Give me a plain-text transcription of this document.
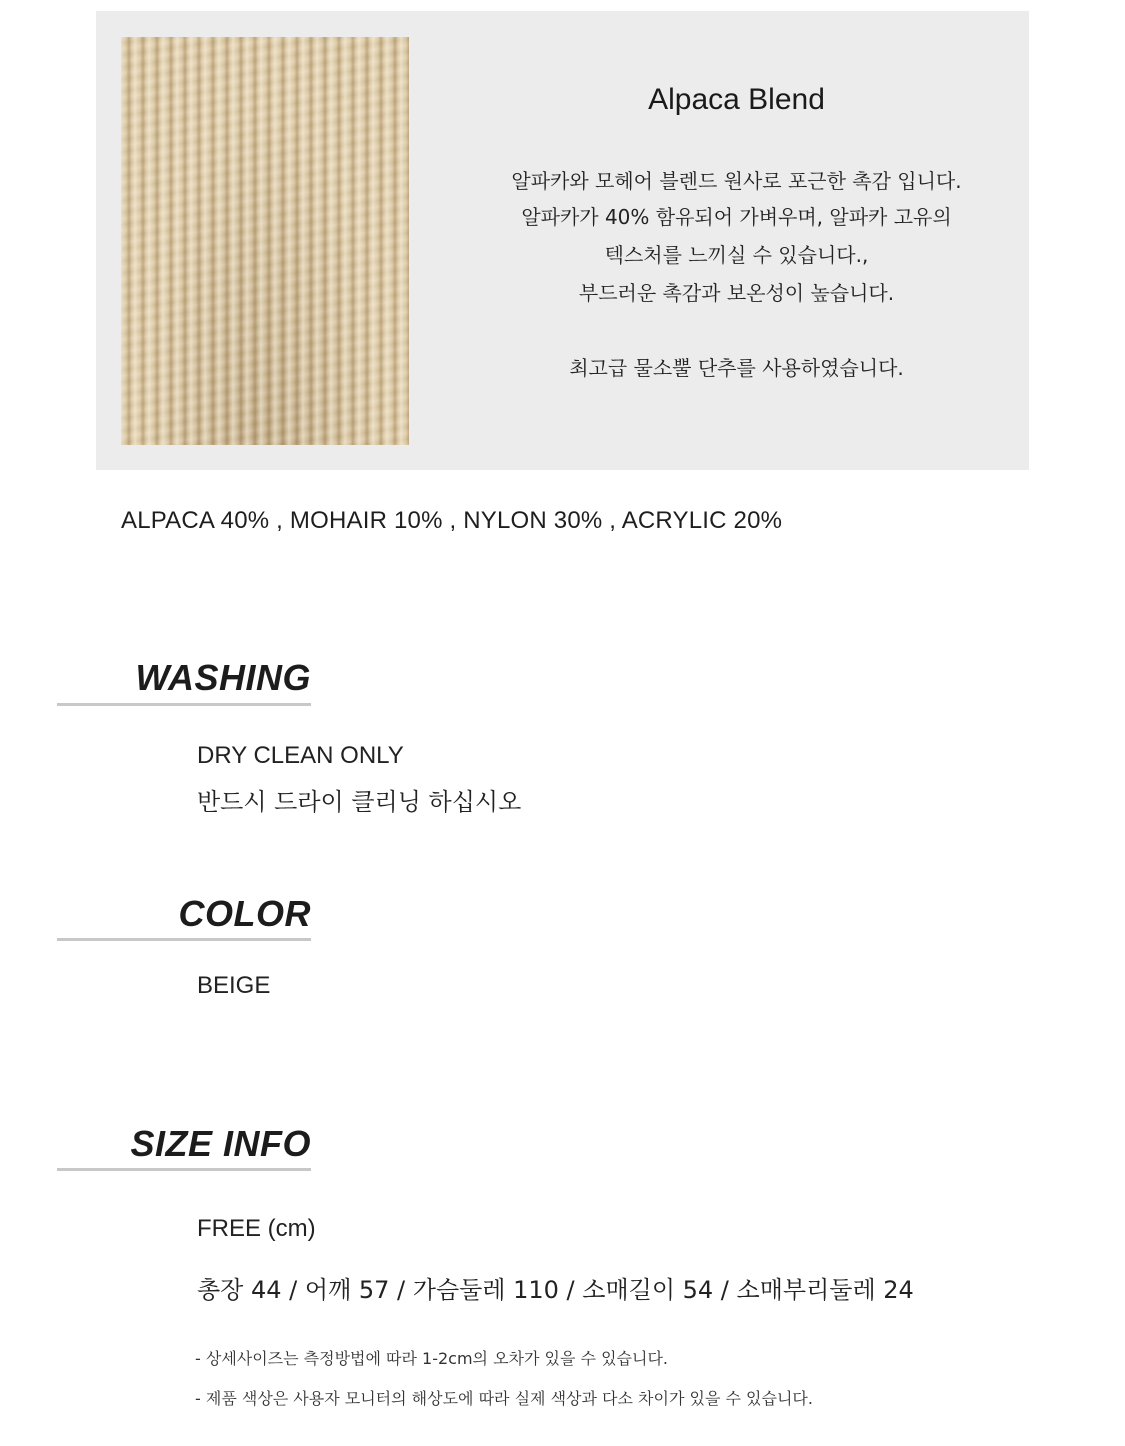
Alpaca Blend
알파카와 모헤어 블렌드 원사로 포근한 촉감 입니다.
알파카가 40% 함유되어 가벼우며, 알파카 고유의
텍스처를 느끼실 수 있습니다.,
부드러운 촉감과 보온성이 높습니다.
최고급 물소뿔 단추를 사용하였습니다.
ALPACA 40% , MOHAIR 10% , NYLON 30% , ACRYLIC 20%
WASHING
DRY CLEAN ONLY
반드시 드라이 클리닝 하십시오
COLOR
BEIGE
SIZE INFO
FREE (cm)
총장 44 / 어깨 57 / 가슴둘레 110 / 소매길이 54 / 소매부리둘레 24
- 상세사이즈는 측정방법에 따라 1-2cm의 오차가 있을 수 있습니다.
- 제품 색상은 사용자 모니터의 해상도에 따라 실제 색상과 다소 차이가 있을 수 있습니다.
